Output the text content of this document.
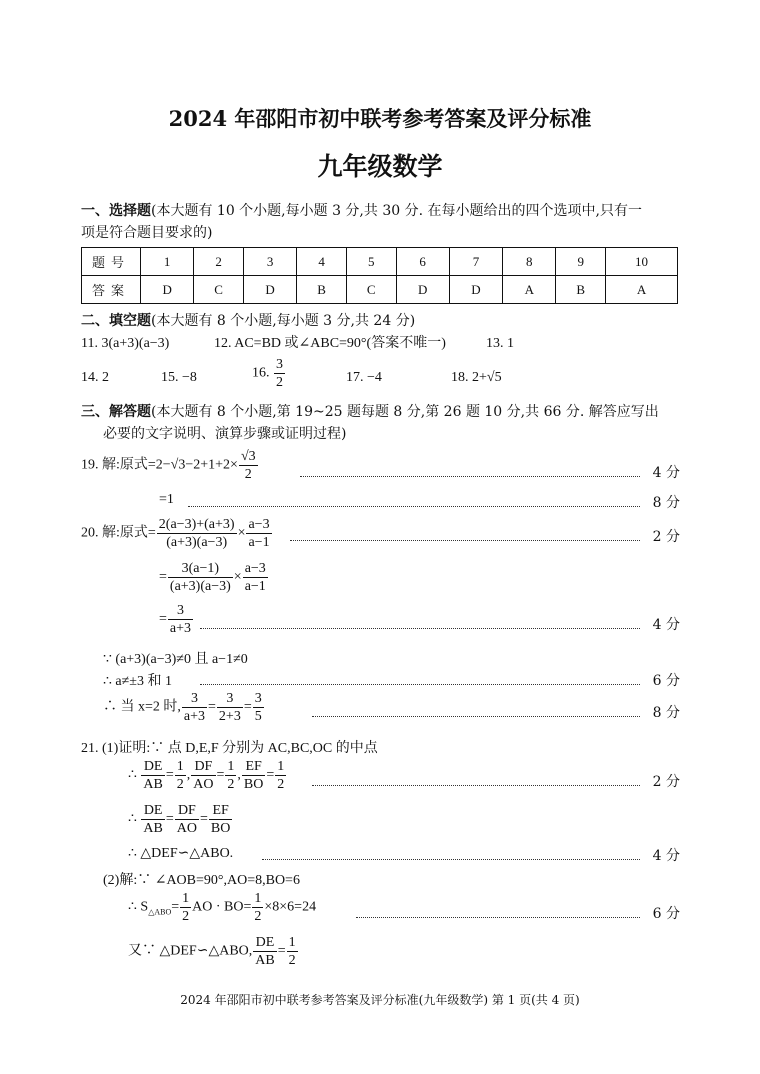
2024 年邵阳市初中联考参考答案及评分标准
九年级数学
一、选择题(本大题有 10 个小题,每小题 3 分,共 30 分. 在每小题给出的四个选项中,只有一
项是符合题目要求的)
题号	1	2	3	4	5	6	7	8	9	10
答案	D	C	D	B	C	D	D	A	B	A
二、填空题(本大题有 8 个小题,每小题 3 分,共 24 分)
11. 3(a+3)(a−3)	12. AC=BD 或∠ABC=90°(答案不唯一)	13. 1
14. 2	15. −8	16. $\frac{3}{2}$	17. −4	18. 2+√5
三、解答题(本大题有 8 个小题,第 19~25 题每题 8 分,第 26 题 10 分,共 66 分. 解答应写出
必要的文字说明、演算步骤或证明过程)
19. 解:原式$=2-√3-2+1+2\times \frac{√3}{2}$	4 分
=1	8 分
20. 解:原式= $\frac{2(a-3)+(a+3)}{(a+3)(a-3)} \times \frac{a-3}{a-1}$	2 分
= $\frac{3(a-1)}{(a+3)(a-3)} \times \frac{a-3}{a-1}$
= $\frac{3}{a+3}$	4 分
∵ (a+3)(a−3)≠0 且 a−1≠0
∴ a≠±3 和 1	6 分
∴ 当 x=2 时, $\frac{3}{a+3} = \frac{3}{2+3} = \frac{3}{5}$	8 分
21. (1)证明:∵ 点 D,E,F 分别为 AC,BC,OC 的中点
∴ $\frac{DE}{AB} = \frac{1}{2}$ , $\frac{DF}{AO} = \frac{1}{2}$ , $\frac{EF}{BO} = \frac{1}{2}$	2 分
∴ $\frac{DE}{AB} = \frac{DF}{AO} = \frac{EF}{BO}$
∴ △DEF∽△ABO.	4 分
(2)解:∵ ∠AOB=90°,AO=8,BO=6
∴ $S_{\triangle ABO}= \frac{1}{2}$ AO · $BO= \frac{1}{2} \times 8\times 6=24$	6 分
又∵ △DEF∽△ABO, $\frac{DE}{AB} = \frac{1}{2}$
2024 年邵阳市初中联考参考答案及评分标准(九年级数学) 第 1 页(共 4 页)
